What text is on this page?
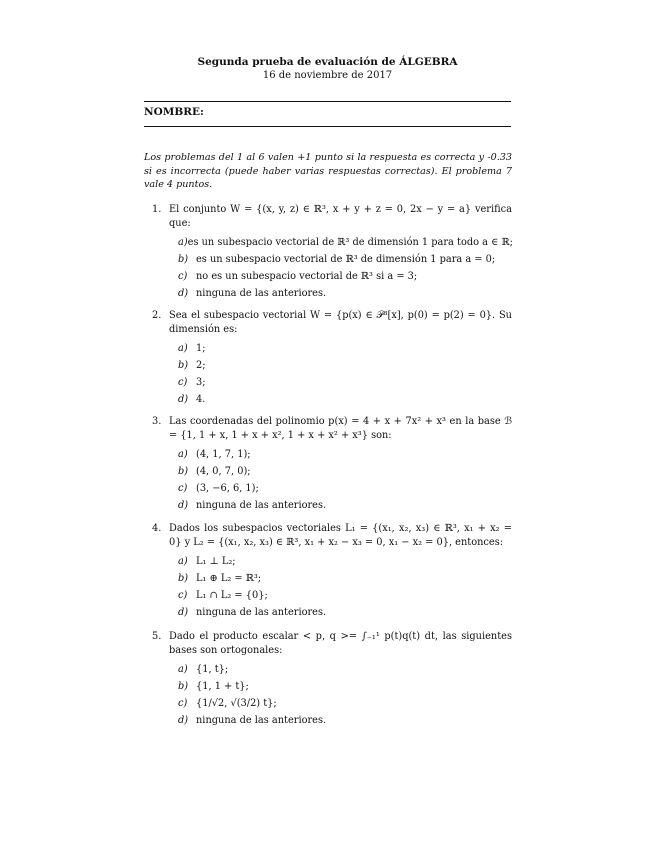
Segunda prueba de evaluación de ÁLGEBRA
16 de noviembre de 2017
NOMBRE:
Los problemas del 1 al 6 valen +1 punto si la respuesta es correcta y -0.33 si es incorrecta (puede haber varias respuestas correctas). El problema 7 vale 4 puntos.
1. El conjunto W = {(x, y, z) ∈ ℝ³, x + y + z = 0, 2x − y = a} verifica que:
a) es un subespacio vectorial de ℝ³ de dimensión 1 para todo a ∈ ℝ;
b) es un subespacio vectorial de ℝ³ de dimensión 1 para a = 0;
c) no es un subespacio vectorial de ℝ³ si a = 3;
d) ninguna de las anteriores.
2. Sea el subespacio vectorial W = {p(x) ∈ 𝒫³[x], p(0) = p(2) = 0}. Su dimensión es:
a) 1;
b) 2;
c) 3;
d) 4.
3. Las coordenadas del polinomio p(x) = 4 + x + 7x² + x³ en la base ℬ = {1, 1 + x, 1 + x + x², 1 + x + x² + x³} son:
a) (4, 1, 7, 1);
b) (4, 0, 7, 0);
c) (3, −6, 6, 1);
d) ninguna de las anteriores.
4. Dados los subespacios vectoriales L₁ = {(x₁, x₂, x₃) ∈ ℝ³, x₁ + x₂ = 0} y L₂ = {(x₁, x₂, x₃) ∈ ℝ³, x₁ + x₂ − x₃ = 0, x₁ − x₂ = 0}, entonces:
a) L₁ ⊥ L₂;
b) L₁ ⊕ L₂ = ℝ³;
c) L₁ ∩ L₂ = {0};
d) ninguna de las anteriores.
5. Dado el producto escalar < p, q >= ∫₋₁¹ p(t)q(t) dt, las siguientes bases son ortogonales:
a) {1, t};
b) {1, 1 + t};
c) {1/√2, √(3/2) t};
d) ninguna de las anteriores.
